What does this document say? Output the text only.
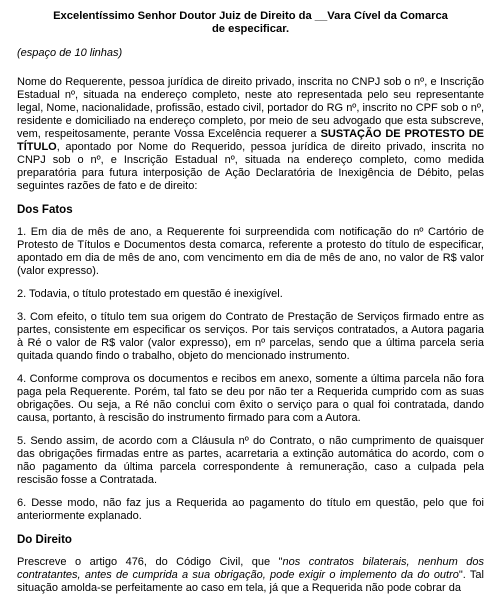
Excelentíssimo Senhor Doutor Juiz de Direito da __Vara Cível da Comarca
de especificar.

(espaço de 10 linhas)

Nome do Requerente, pessoa jurídica de direito privado, inscrita no CNPJ sob o nº, e Inscrição Estadual nº, situada na endereço completo, neste ato representada pelo seu representante legal, Nome, nacionalidade, profissão, estado civil, portador do RG nº, inscrito no CPF sob o nº, residente e domiciliado na endereço completo, por meio de seu advogado que esta subscreve, vem, respeitosamente, perante Vossa Excelência requerer a SUSTAÇÃO DE PROTESTO DE TÍTULO, apontado por Nome do Requerido, pessoa jurídica de direito privado, inscrita no CNPJ sob o nº, e Inscrição Estadual nº, situada na endereço completo, como medida preparatória para futura interposição de Ação Declaratória de Inexigência de Débito, pelas seguintes razões de fato e de direito:

Dos Fatos

1. Em dia de mês de ano, a Requerente foi surpreendida com notificação do nº Cartório de Protesto de Títulos e Documentos desta comarca, referente a protesto do título de especificar, apontado em dia de mês de ano, com vencimento em dia de mês de ano, no valor de R$ valor (valor expresso).

2. Todavia, o título protestado em questão é inexigível.

3. Com efeito, o título tem sua origem do Contrato de Prestação de Serviços firmado entre as partes, consistente em especificar os serviços. Por tais serviços contratados, a Autora pagaria à Ré o valor de R$ valor (valor expresso), em nº parcelas, sendo que a última parcela seria quitada quando findo o trabalho, objeto do mencionado instrumento.

4. Conforme comprova os documentos e recibos em anexo, somente a última parcela não fora paga pela Requerente. Porém, tal fato se deu por não ter a Requerida cumprido com as suas obrigações. Ou seja, a Ré não conclui com êxito o serviço para o qual foi contratada, dando causa, portanto, à rescisão do instrumento firmado para com a Autora.

5. Sendo assim, de acordo com a Cláusula nº do Contrato, o não cumprimento de quaisquer das obrigações firmadas entre as partes, acarretaria a extinção automática do acordo, com o não pagamento da última parcela correspondente à remuneração, caso a culpada pela rescisão fosse a Contratada.

6. Desse modo, não faz jus a Requerida ao pagamento do título em questão, pelo que foi anteriormente explanado.

Do Direito

Prescreve o artigo 476, do Código Civil, que "nos contratos bilaterais, nenhum dos contratantes, antes de cumprida a sua obrigação, pode exigir o implemento da do outro". Tal situação amolda-se perfeitamente ao caso em tela, já que a Requerida não pode cobrar da
